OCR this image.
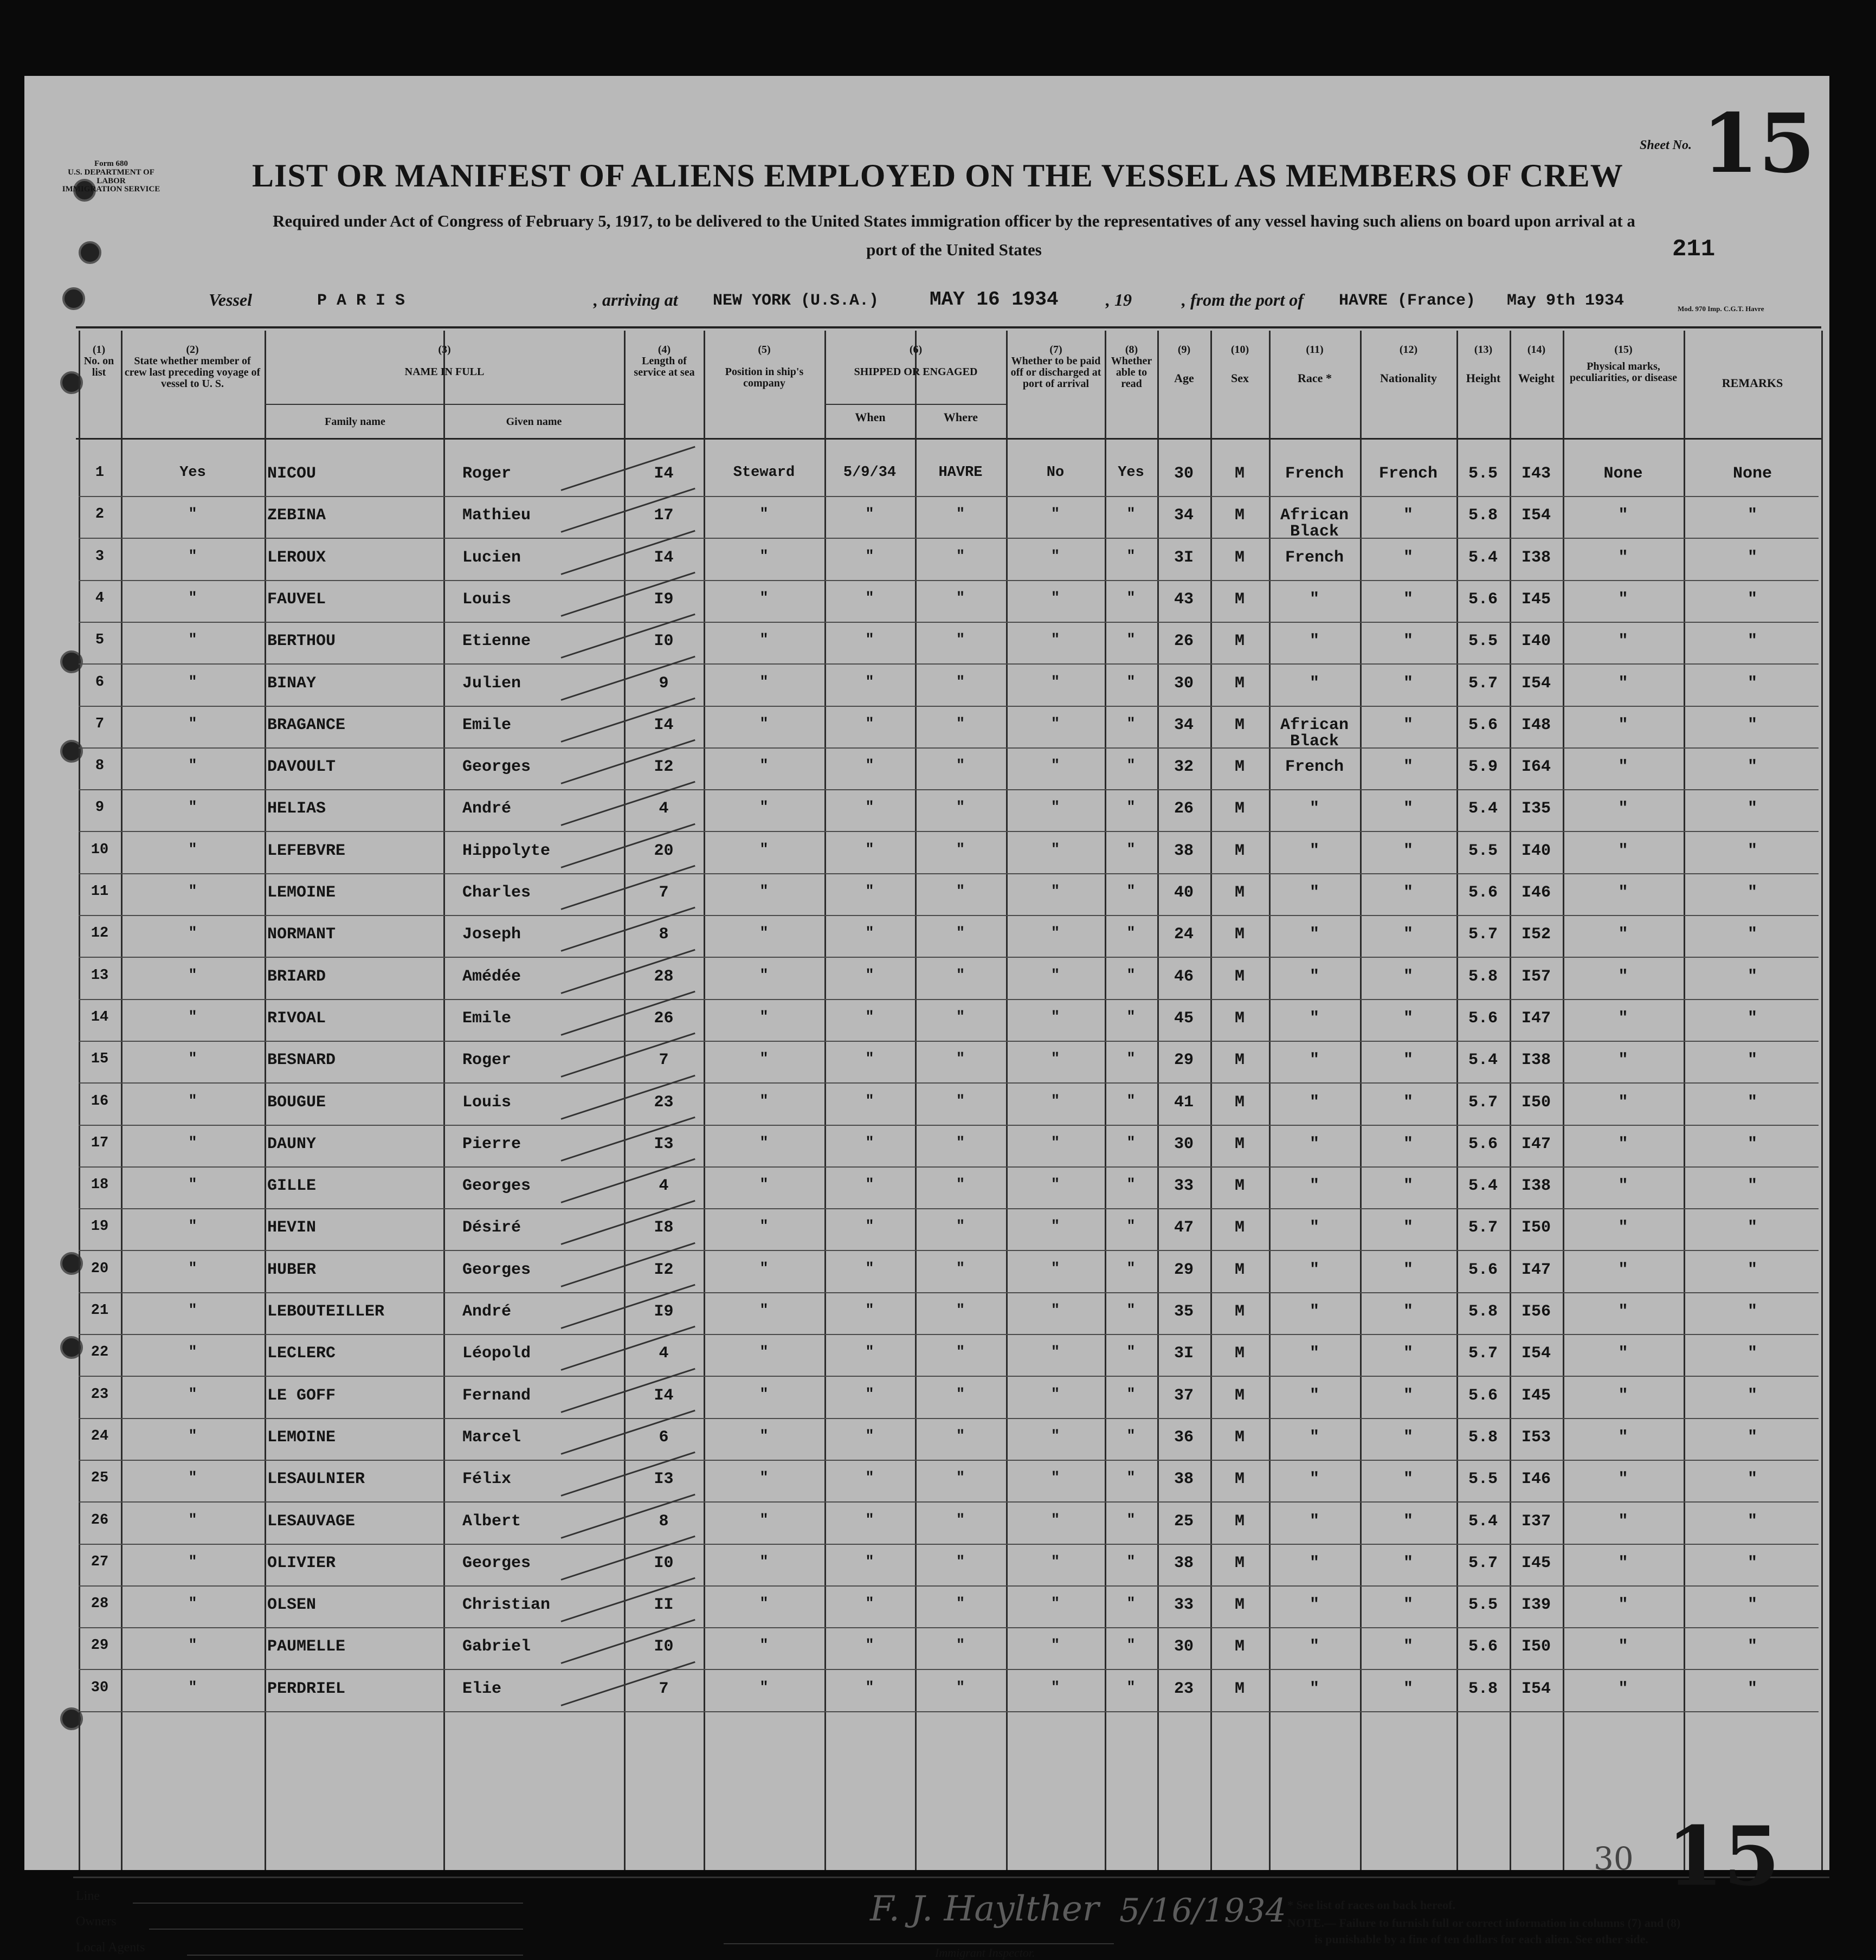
Form 680
U.S. DEPARTMENT OF LABOR
IMMIGRATION SERVICE	LIST OR MANIFEST OF ALIENS EMPLOYED ON THE VESSEL AS MEMBERS OF CREW
Sheet No. 15
Required under Act of Congress of February 5, 1917, to be delivered to the United States immigration officer by the representatives of any vessel having such aliens on board upon arrival at a
port of the United States	211
Vessel	P A R I S	, arriving at NEW YORK (U.S.A.)	MAY 16 1934	, 19	, from the port of HAVRE (France) May 9th 1934	Mod. 970 Imp. C.G.T. Havre
(1)
No. on list
(2)
State whether member of crew last preceding voyage of vessel to U. S.
(3)
NAME IN FULL
Family name	Given name
(4)
Length of service at sea
(5)
Position in ship's company
(6)
SHIPPED OR ENGAGED
When	Where
(7)
Whether to be paid off or discharged at port of arrival
(8)
Whether able to read
(9)
Age
(10)
Sex
(11)
Race *
(12)
Nationality
(13)
Height
(14)
Weight
(15)
Physical marks, peculiarities, or disease	REMARKS
1	Yes	NICOU	Roger	I4	Steward	5/9/34	HAVRE	No	Yes	30	M	French	French	5.5	I43	None	None
2	"	ZEBINA	Mathieu	17	"	"	"	"	"	34	M	African	"	5.8	I54	"	"
Black
3	"	LEROUX	Lucien	I4	"	"	"	"	"	3I	M	French	"	5.4	I38	"	"
4	"	FAUVEL	Louis	I9	"	"	"	"	"	43	M	"	"	5.6	I45	"	"
5	"	BERTHOU	Etienne	I0	"	"	"	"	"	26	M	"	"	5.5	I40	"	"
6	"	BINAY	Julien	9	"	"	"	"	"	30	M	"	"	5.7	I54	"	"
7	"	BRAGANCE	Emile	I4	"	"	"	"	"	34	M	African	"	5.6	I48	"	"
Black
8	"	DAVOULT	Georges	I2	"	"	"	"	"	32	M	French	"	5.9	I64	"	"
9	"	HELIAS	André	4	"	"	"	"	"	26	M	"	"	5.4	I35	"	"
10	"	LEFEBVRE	Hippolyte	20	"	"	"	"	"	38	M	"	"	5.5	I40	"	"
11	"	LEMOINE	Charles	7	"	"	"	"	"	40	M	"	"	5.6	I46	"	"
12	"	NORMANT	Joseph	8	"	"	"	"	"	24	M	"	"	5.7	I52	"	"
13	"	BRIARD	Amédée	28	"	"	"	"	"	46	M	"	"	5.8	I57	"	"
14	"	RIVOAL	Emile	26	"	"	"	"	"	45	M	"	"	5.6	I47	"	"
15	"	BESNARD	Roger	7	"	"	"	"	"	29	M	"	"	5.4	I38	"	"
16	"	BOUGUE	Louis	23	"	"	"	"	"	41	M	"	"	5.7	I50	"	"
17	"	DAUNY	Pierre	I3	"	"	"	"	"	30	M	"	"	5.6	I47	"	"
18	"	GILLE	Georges	4	"	"	"	"	"	33	M	"	"	5.4	I38	"	"
19	"	HEVIN	Désiré	I8	"	"	"	"	"	47	M	"	"	5.7	I50	"	"
20	"	HUBER	Georges	I2	"	"	"	"	"	29	M	"	"	5.6	I47	"	"
21	"	LEBOUTEILLER	André	I9	"	"	"	"	"	35	M	"	"	5.8	I56	"	"
22	"	LECLERC	Léopold	4	"	"	"	"	"	3I	M	"	"	5.7	I54	"	"
23	"	LE GOFF	Fernand	I4	"	"	"	"	"	37	M	"	"	5.6	I45	"	"
24	"	LEMOINE	Marcel	6	"	"	"	"	"	36	M	"	"	5.8	I53	"	"
25	"	LESAULNIER	Félix	I3	"	"	"	"	"	38	M	"	"	5.5	I46	"	"
26	"	LESAUVAGE	Albert	8	"	"	"	"	"	25	M	"	"	5.4	I37	"	"
27	"	OLIVIER	Georges	I0	"	"	"	"	"	38	M	"	"	5.7	I45	"	"
28	"	OLSEN	Christian	II	"	"	"	"	"	33	M	"	"	5.5	I39	"	"
29	"	PAUMELLE	Gabriel	I0	"	"	"	"	"	30	M	"	"	5.6	I50	"	"
30	"	PERDRIEL	Elie	7	"	"	"	"	"	23	M	"	"	5.8	I54	"	"
Line
Owners
Local Agents
F. J. Haylther 5/16/1934
Immigrant Inspector.
* See list of races on back hereof.
NOTE.— Failure to furnish full or correct information in columns (7) and (8)
is punishable by a fine of ten dollars for each alien. See other side.
30 15
